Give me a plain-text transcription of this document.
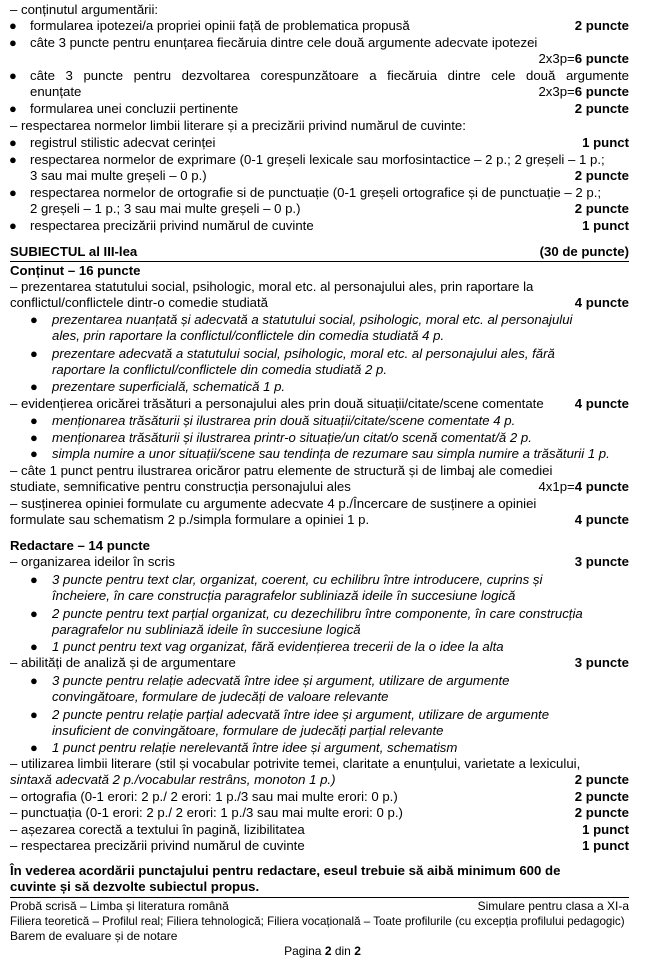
– conținutul argumentării:
● formularea ipotezei/a propriei opinii față de problematica propusă	2 puncte
● câte 3 puncte pentru enunțarea fiecăruia dintre cele două argumente adecvate ipotezei
2x3p=6 puncte
● câte 3 puncte pentru dezvoltarea corespunzătoare a fiecăruia dintre cele două argumente
enunțate	2x3p=6 puncte
● formularea unei concluzii pertinente	2 puncte
– respectarea normelor limbii literare și a precizării privind numărul de cuvinte:
● registrul stilistic adecvat cerinței	1 punct
● respectarea normelor de exprimare (0-1 greșeli lexicale sau morfosintactice – 2 p.; 2 greșeli – 1 p.;
3 sau mai multe greșeli – 0 p.)	2 puncte
● respectarea normelor de ortografie si de punctuație (0-1 greșeli ortografice și de punctuație – 2 p.;
2 greșeli – 1 p.; 3 sau mai multe greșeli – 0 p.)	2 puncte
● respectarea precizării privind numărul de cuvinte	1 punct
SUBIECTUL al III-lea	(30 de puncte)
Conținut – 16 puncte
– prezentarea statutului social, psihologic, moral etc. al personajului ales, prin raportare la
conflictul/conflictele dintr-o comedie studiată	4 puncte
● prezentarea nuanțată și adecvată a statutului social, psihologic, moral etc. al personajului
ales, prin raportare la conflictul/conflictele din comedia studiată 4 p.
● prezentare adecvată a statutului social, psihologic, moral etc. al personajului ales, fără
raportare la conflictul/conflictele din comedia studiată 2 p.
● prezentare superficială, schematică 1 p.
– evidențierea oricărei trăsături a personajului ales prin două situații/citate/scene comentate 4 puncte
● menționarea trăsăturii și ilustrarea prin două situații/citate/scene comentate 4 p.
● menționarea trăsăturii și ilustrarea printr-o situație/un citat/o scenă comentat/ă 2 p.
● simpla numire a unor situații/scene sau tendința de rezumare sau simpla numire a trăsăturii 1 p.
– câte 1 punct pentru ilustrarea oricăror patru elemente de structură și de limbaj ale comediei
studiate, semnificative pentru construcția personajului ales	4x1p=4 puncte
– susținerea opiniei formulate cu argumente adecvate 4 p./Încercare de susținere a opiniei
formulate sau schematism 2 p./simpla formulare a opiniei 1 p.	4 puncte
Redactare – 14 puncte
– organizarea ideilor în scris	3 puncte
● 3 puncte pentru text clar, organizat, coerent, cu echilibru între introducere, cuprins și
încheiere, în care construcția paragrafelor subliniază ideile în succesiune logică
● 2 puncte pentru text parțial organizat, cu dezechilibru între componente, în care construcția
paragrafelor nu subliniază ideile în succesiune logică
● 1 punct pentru text vag organizat, fără evidențierea trecerii de la o idee la alta
– abilități de analiză și de argumentare	3 puncte
● 3 puncte pentru relație adecvată între idee și argument, utilizare de argumente
convingătoare, formulare de judecăți de valoare relevante
● 2 puncte pentru relație parțial adecvată între idee și argument, utilizare de argumente
insuficient de convingătoare, formulare de judecăți parțial relevante
● 1 punct pentru relație nerelevantă între idee și argument, schematism
– utilizarea limbii literare (stil și vocabular potrivite temei, claritate a enunțului, varietate a lexicului,
sintaxă adecvată 2 p./vocabular restrâns, monoton 1 p.)	2 puncte
– ortografia (0-1 erori: 2 p./ 2 erori: 1 p./3 sau mai multe erori: 0 p.)	2 puncte
– punctuația (0-1 erori: 2 p./ 2 erori: 1 p./3 sau mai multe erori: 0 p.)	2 puncte
– așezarea corectă a textului în pagină, lizibilitatea	1 punct
– respectarea precizării privind numărul de cuvinte	1 punct
În vederea acordării punctajului pentru redactare, eseul trebuie să aibă minimum 600 de
cuvinte și să dezvolte subiectul propus.
Probă scrisă – Limba și literatura română	Simulare pentru clasa a XI-a
Filiera teoretică – Profilul real; Filiera tehnologică; Filiera vocațională – Toate profilurile (cu excepția profilului pedagogic)
Barem de evaluare și de notare
Pagina 2 din 2
